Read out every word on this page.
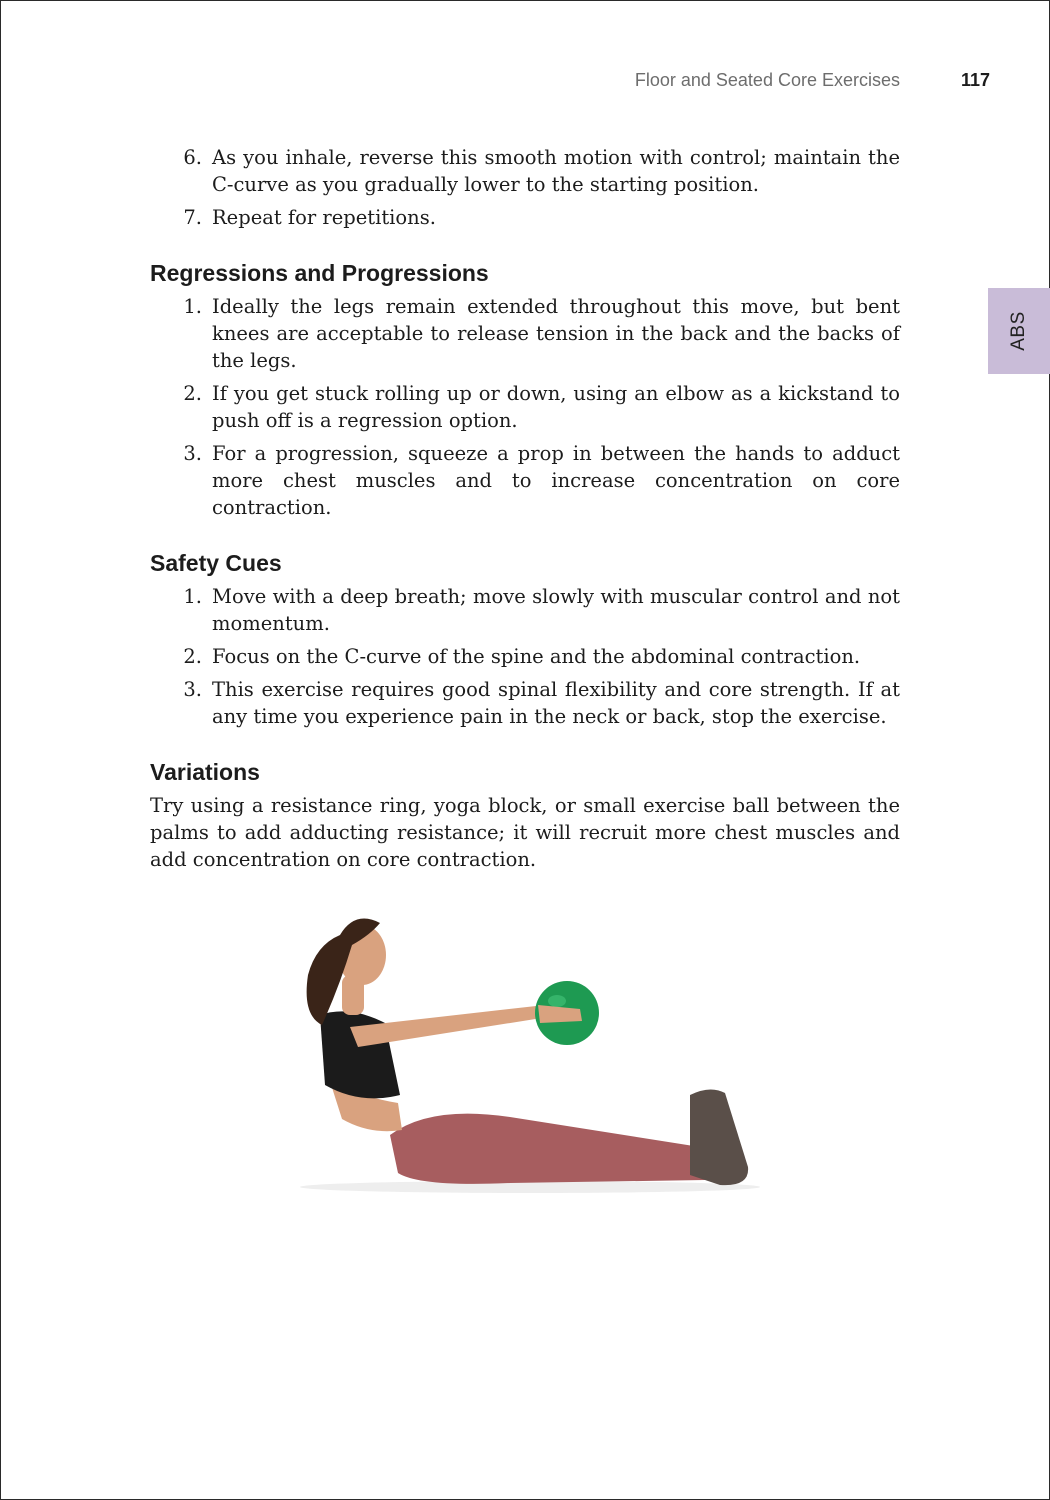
Floor and Seated Core Exercises	117
ABS
6. As you inhale, reverse this smooth motion with control; maintain the C-curve as you gradually lower to the starting position.
7. Repeat for repetitions.
Regressions and Progressions
1. Ideally the legs remain extended throughout this move, but bent knees are acceptable to release tension in the back and the backs of the legs.
2. If you get stuck rolling up or down, using an elbow as a kickstand to push off is a regression option.
3. For a progression, squeeze a prop in between the hands to adduct more chest muscles and to increase concentration on core contraction.
Safety Cues
1. Move with a deep breath; move slowly with muscular control and not momentum.
2. Focus on the C-curve of the spine and the abdominal contraction.
3. This exercise requires good spinal flexibility and core strength. If at any time you experience pain in the neck or back, stop the exercise.
Variations

Try using a resistance ring, yoga block, or small exercise ball between the palms to add adducting resistance; it will recruit more chest muscles and add concentration on core contraction.
